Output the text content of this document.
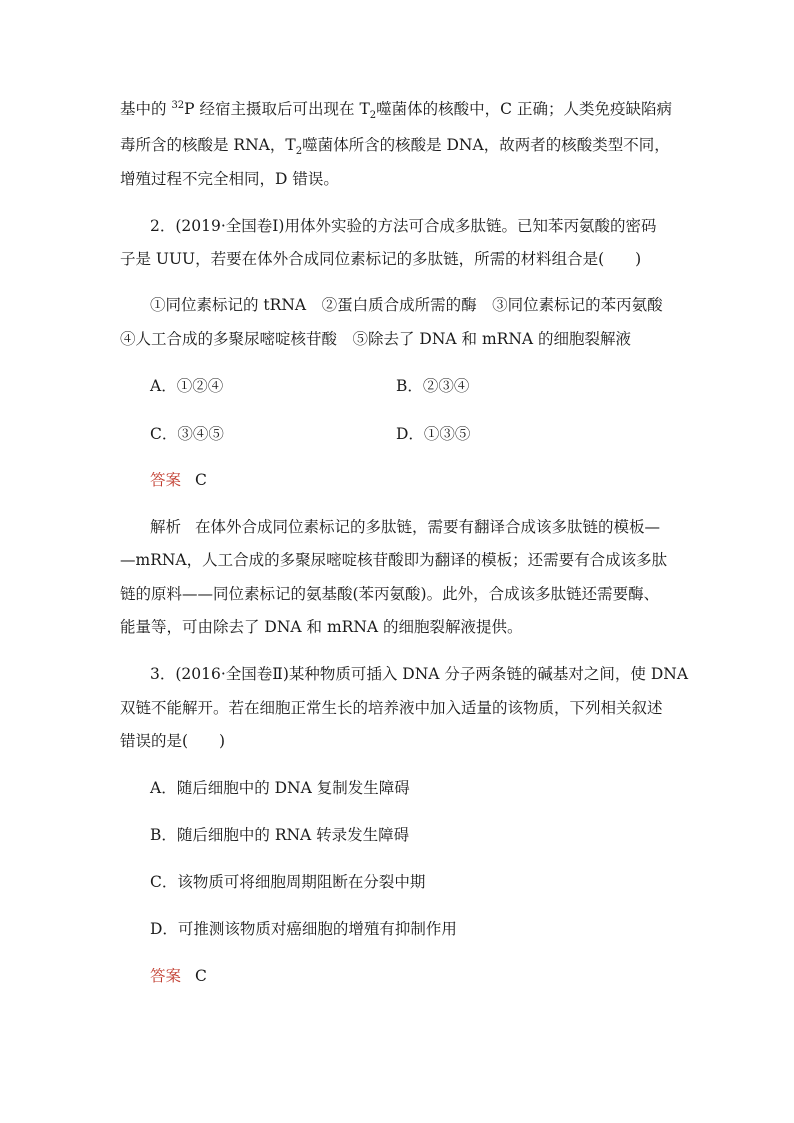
基中的 $^{32}$P 经宿主摄取后可出现在 $T_2$噬菌体的核酸中，C 正确；人类免疫缺陷病
毒所含的核酸是 RNA，$T_2$噬菌体所含的核酸是 DNA，故两者的核酸类型不同，
增殖过程不完全相同，D 错误。
2．(2019·全国卷Ⅰ)用体外实验的方法可合成多肽链。已知苯丙氨酸的密码
子是 UUU，若要在体外合成同位素标记的多肽链，所需的材料组合是(　　)
①同位素标记的 tRNA　②蛋白质合成所需的酶　③同位素标记的苯丙氨酸
④人工合成的多聚尿嘧啶核苷酸　⑤除去了 DNA 和 mRNA 的细胞裂解液
A．①②④	B．②③④
C．③④⑤	D．①③⑤
答案 C
解析 在体外合成同位素标记的多肽链，需要有翻译合成该多肽链的模板—
—mRNA，人工合成的多聚尿嘧啶核苷酸即为翻译的模板；还需要有合成该多肽
链的原料——同位素标记的氨基酸(苯丙氨酸)。此外，合成该多肽链还需要酶、
能量等，可由除去了 DNA 和 mRNA 的细胞裂解液提供。
3．(2016·全国卷Ⅱ)某种物质可插入 DNA 分子两条链的碱基对之间，使 DNA
双链不能解开。若在细胞正常生长的培养液中加入适量的该物质，下列相关叙述
错误的是(　　)
A．随后细胞中的 DNA 复制发生障碍
B．随后细胞中的 RNA 转录发生障碍
C．该物质可将细胞周期阻断在分裂中期
D．可推测该物质对癌细胞的增殖有抑制作用
答案 C
